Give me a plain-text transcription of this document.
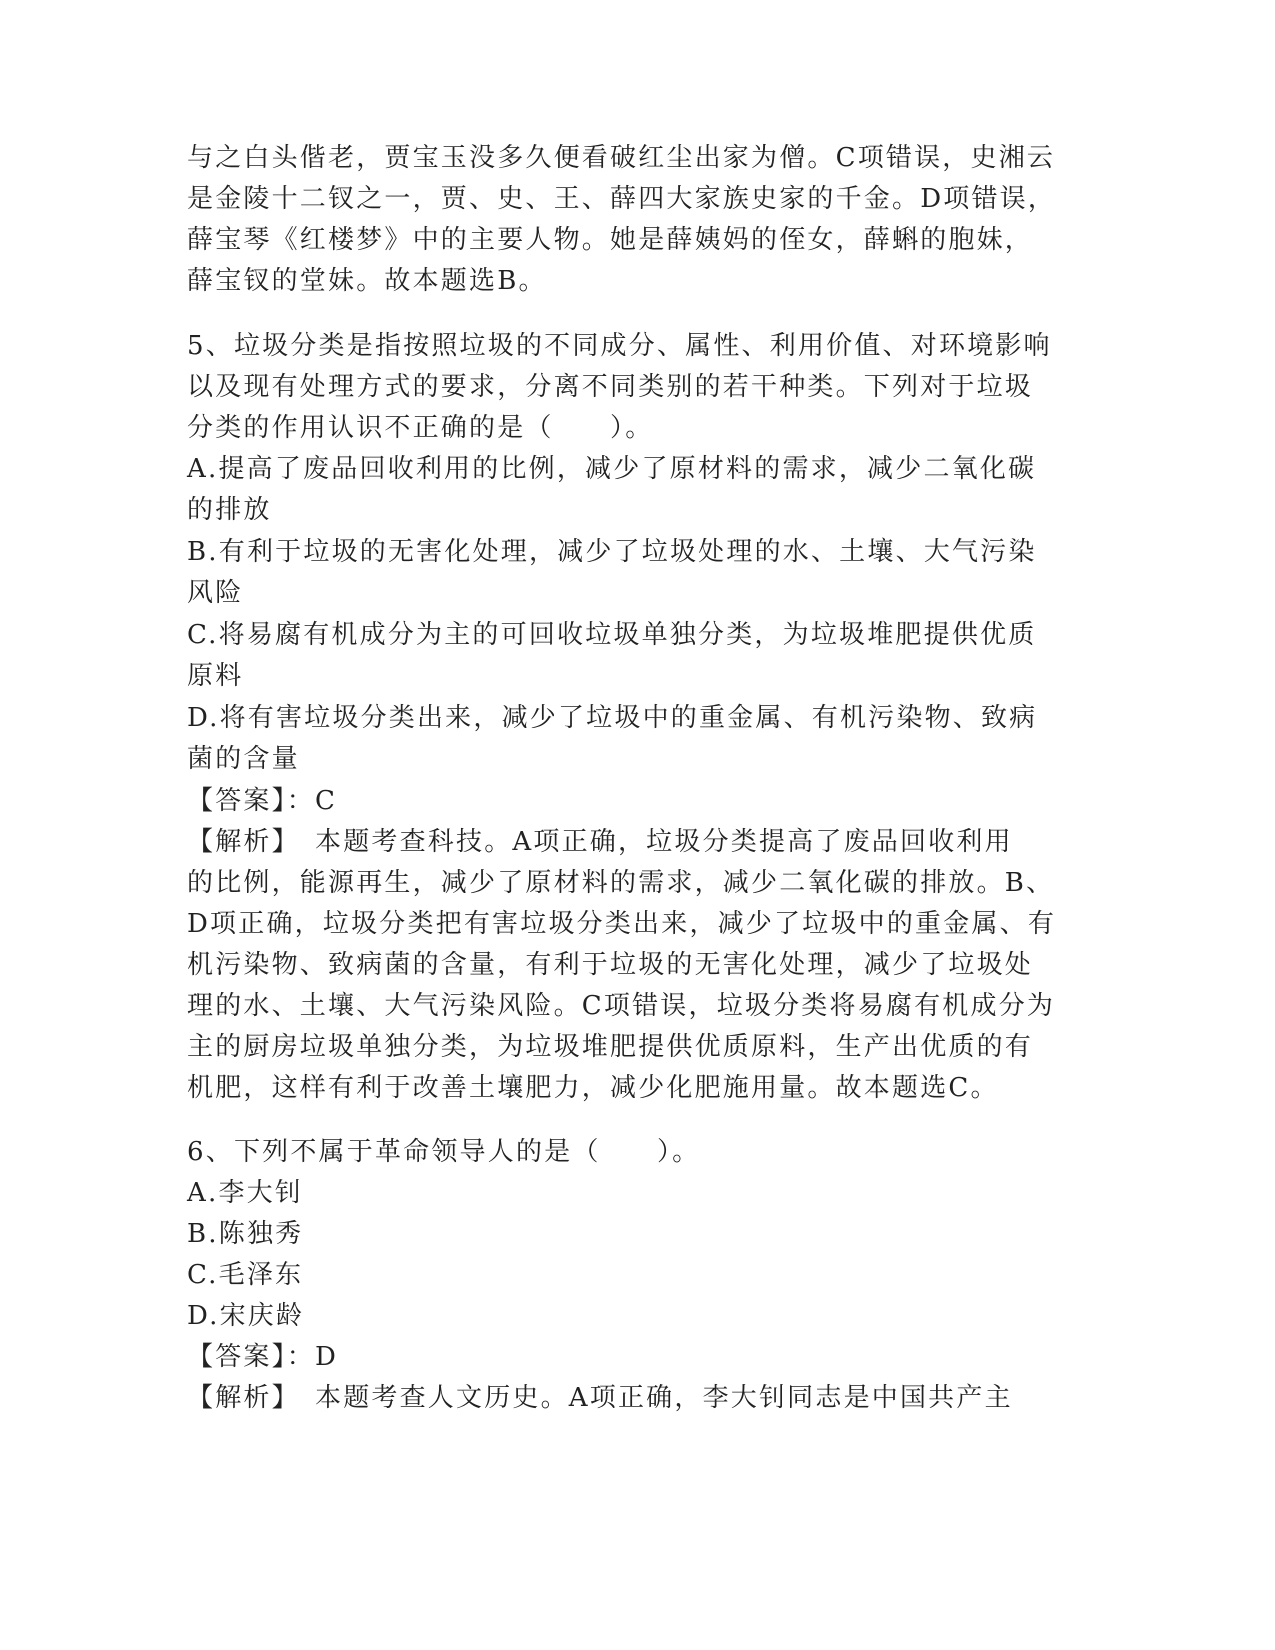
与之白头偕老，贾宝玉没多久便看破红尘出家为僧。C项错误，史湘云
是金陵十二钗之一，贾、史、王、薛四大家族史家的千金。D项错误，
薛宝琴《红楼梦》中的主要人物。她是薛姨妈的侄女，薛蝌的胞妹，
薛宝钗的堂妹。故本题选B。
5、垃圾分类是指按照垃圾的不同成分、属性、利用价值、对环境影响
以及现有处理方式的要求，分离不同类别的若干种类。下列对于垃圾
分类的作用认识不正确的是（　　）。
A.提高了废品回收利用的比例，减少了原材料的需求，减少二氧化碳
的排放
B.有利于垃圾的无害化处理，减少了垃圾处理的水、土壤、大气污染
风险
C.将易腐有机成分为主的可回收垃圾单独分类，为垃圾堆肥提供优质
原料
D.将有害垃圾分类出来，减少了垃圾中的重金属、有机污染物、致病
菌的含量
【答案】：C
【解析】　本题考查科技。A项正确，垃圾分类提高了废品回收利用
的比例，能源再生，减少了原材料的需求，减少二氧化碳的排放。B、
D项正确，垃圾分类把有害垃圾分类出来，减少了垃圾中的重金属、有
机污染物、致病菌的含量，有利于垃圾的无害化处理，减少了垃圾处
理的水、土壤、大气污染风险。C项错误，垃圾分类将易腐有机成分为
主的厨房垃圾单独分类，为垃圾堆肥提供优质原料，生产出优质的有
机肥，这样有利于改善土壤肥力，减少化肥施用量。故本题选C。
6、下列不属于革命领导人的是（　　）。
A.李大钊
B.陈独秀
C.毛泽东
D.宋庆龄
【答案】：D
【解析】　本题考查人文历史。A项正确，李大钊同志是中国共产主
